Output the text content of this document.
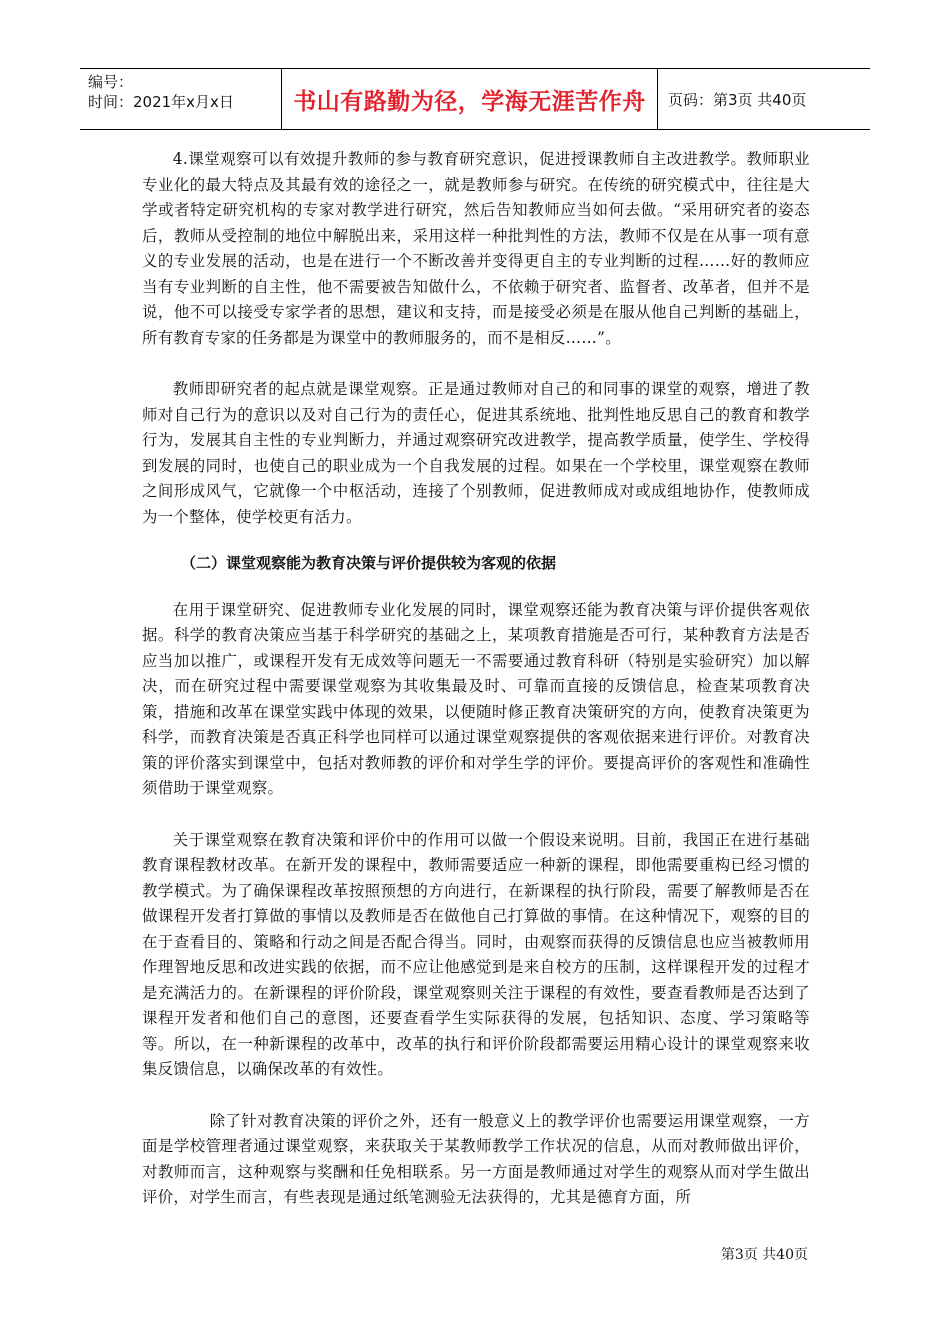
编号：
时间：2021年x月x日	书山有路勤为径，学海无涯苦作舟	页码：第3页 共40页

4.课堂观察可以有效提升教师的参与教育研究意识，促进授课教师自主改进教学。教师职业专业化的最大特点及其最有效的途径之一，就是教师参与研究。在传统的研究模式中，往往是大学或者特定研究机构的专家对教学进行研究，然后告知教师应当如何去做。“采用研究者的姿态后，教师从受控制的地位中解脱出来，采用这样一种批判性的方法，教师不仅是在从事一项有意义的专业发展的活动，也是在进行一个不断改善并变得更自主的专业判断的过程……好的教师应当有专业判断的自主性，他不需要被告知做什么，不依赖于研究者、监督者、改革者，但并不是说，他不可以接受专家学者的思想，建议和支持，而是接受必须是在服从他自己判断的基础上，所有教育专家的任务都是为课堂中的教师服务的，而不是相反……”。

教师即研究者的起点就是课堂观察。正是通过教师对自己的和同事的课堂的观察，增进了教师对自己行为的意识以及对自己行为的责任心，促进其系统地、批判性地反思自己的教育和教学行为，发展其自主性的专业判断力，并通过观察研究改进教学，提高教学质量，使学生、学校得到发展的同时，也使自己的职业成为一个自我发展的过程。如果在一个学校里，课堂观察在教师之间形成风气，它就像一个中枢活动，连接了个别教师，促进教师成对或成组地协作，使教师成为一个整体，使学校更有活力。

（二）课堂观察能为教育决策与评价提供较为客观的依据

在用于课堂研究、促进教师专业化发展的同时，课堂观察还能为教育决策与评价提供客观依据。科学的教育决策应当基于科学研究的基础之上，某项教育措施是否可行，某种教育方法是否应当加以推广，或课程开发有无成效等问题无一不需要通过教育科研（特别是实验研究）加以解决，而在研究过程中需要课堂观察为其收集最及时、可靠而直接的反馈信息，检查某项教育决策，措施和改革在课堂实践中体现的效果，以便随时修正教育决策研究的方向，使教育决策更为科学，而教育决策是否真正科学也同样可以通过课堂观察提供的客观依据来进行评价。对教育决策的评价落实到课堂中，包括对教师教的评价和对学生学的评价。要提高评价的客观性和准确性须借助于课堂观察。

关于课堂观察在教育决策和评价中的作用可以做一个假设来说明。目前，我国正在进行基础教育课程教材改革。在新开发的课程中，教师需要适应一种新的课程，即他需要重构已经习惯的教学模式。为了确保课程改革按照预想的方向进行，在新课程的执行阶段，需要了解教师是否在做课程开发者打算做的事情以及教师是否在做他自己打算做的事情。在这种情况下，观察的目的在于查看目的、策略和行动之间是否配合得当。同时，由观察而获得的反馈信息也应当被教师用作理智地反思和改进实践的依据，而不应让他感觉到是来自校方的压制，这样课程开发的过程才是充满活力的。在新课程的评价阶段，课堂观察则关注于课程的有效性，要查看教师是否达到了课程开发者和他们自己的意图，还要查看学生实际获得的发展，包括知识、态度、学习策略等等。所以，在一种新课程的改革中，改革的执行和评价阶段都需要运用精心设计的课堂观察来收集反馈信息，以确保改革的有效性。

除了针对教育决策的评价之外，还有一般意义上的教学评价也需要运用课堂观察，一方面是学校管理者通过课堂观察，来获取关于某教师教学工作状况的信息，从而对教师做出评价，对教师而言，这种观察与奖酬和任免相联系。另一方面是教师通过对学生的观察从而对学生做出评价，对学生而言，有些表现是通过纸笔测验无法获得的，尤其是德育方面，所

第3页 共40页
